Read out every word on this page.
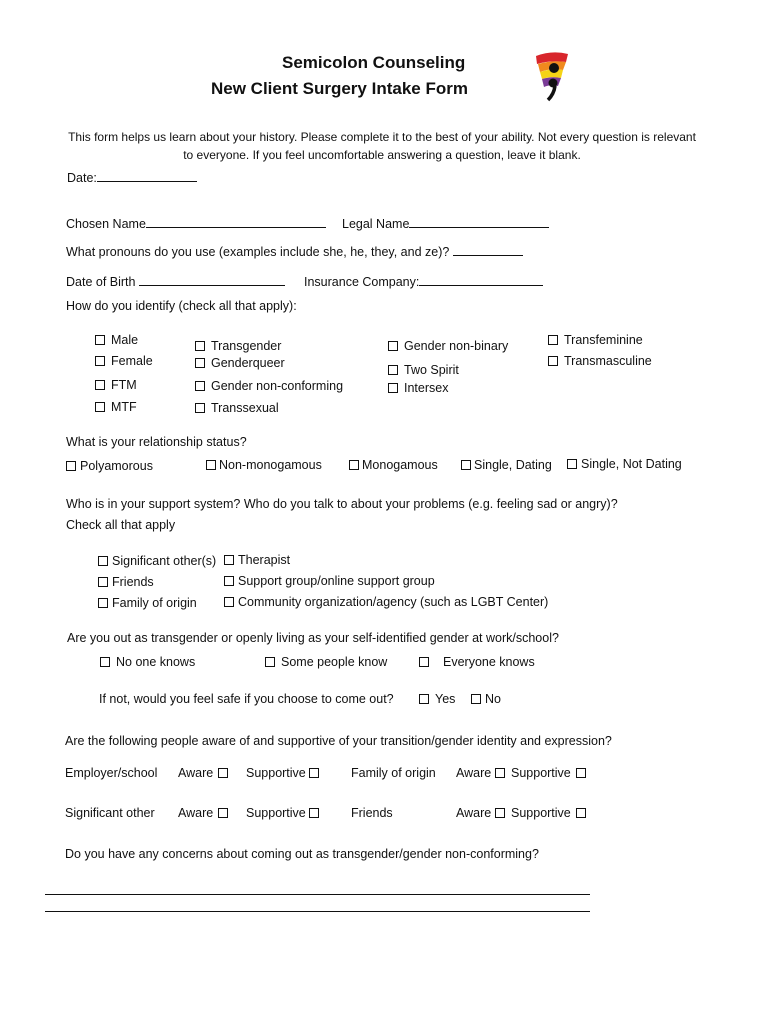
Semicolon Counseling
New Client Surgery Intake Form
This form helps us learn about your history. Please complete it to the best of your ability. Not every question is relevant to everyone. If you feel uncomfortable answering a question, leave it blank.
Date:
Chosen Name	Legal Name
What pronouns do you use (examples include she, he, they, and ze)?
Date of Birth	Insurance Company:
How do you identify (check all that apply):
Male
Female
FTM
MTF
Transgender
Genderqueer
Gender non-conforming
Transsexual
Gender non-binary
Two Spirit
Intersex
Transfeminine
Transmasculine
What is your relationship status?
Polyamorous	Non-monogamous	Monogamous	Single, Dating	Single, Not Dating
Who is in your support system? Who do you talk to about your problems (e.g. feeling sad or angry)?
Check all that apply
Significant other(s)
Friends
Family of origin
Therapist
Support group/online support group
Community organization/agency (such as LGBT Center)
Are you out as transgender or openly living as your self-identified gender at work/school?
No one knows	Some people know	Everyone knows
If not, would you feel safe if you choose to come out?	Yes	No
Are the following people aware of and supportive of your transition/gender identity and expression?
Employer/school Aware	Supportive	Family of origin Aware	Supportive
Significant other Aware	Supportive	Friends	Aware	Supportive
Do you have any concerns about coming out as transgender/gender non-conforming?
